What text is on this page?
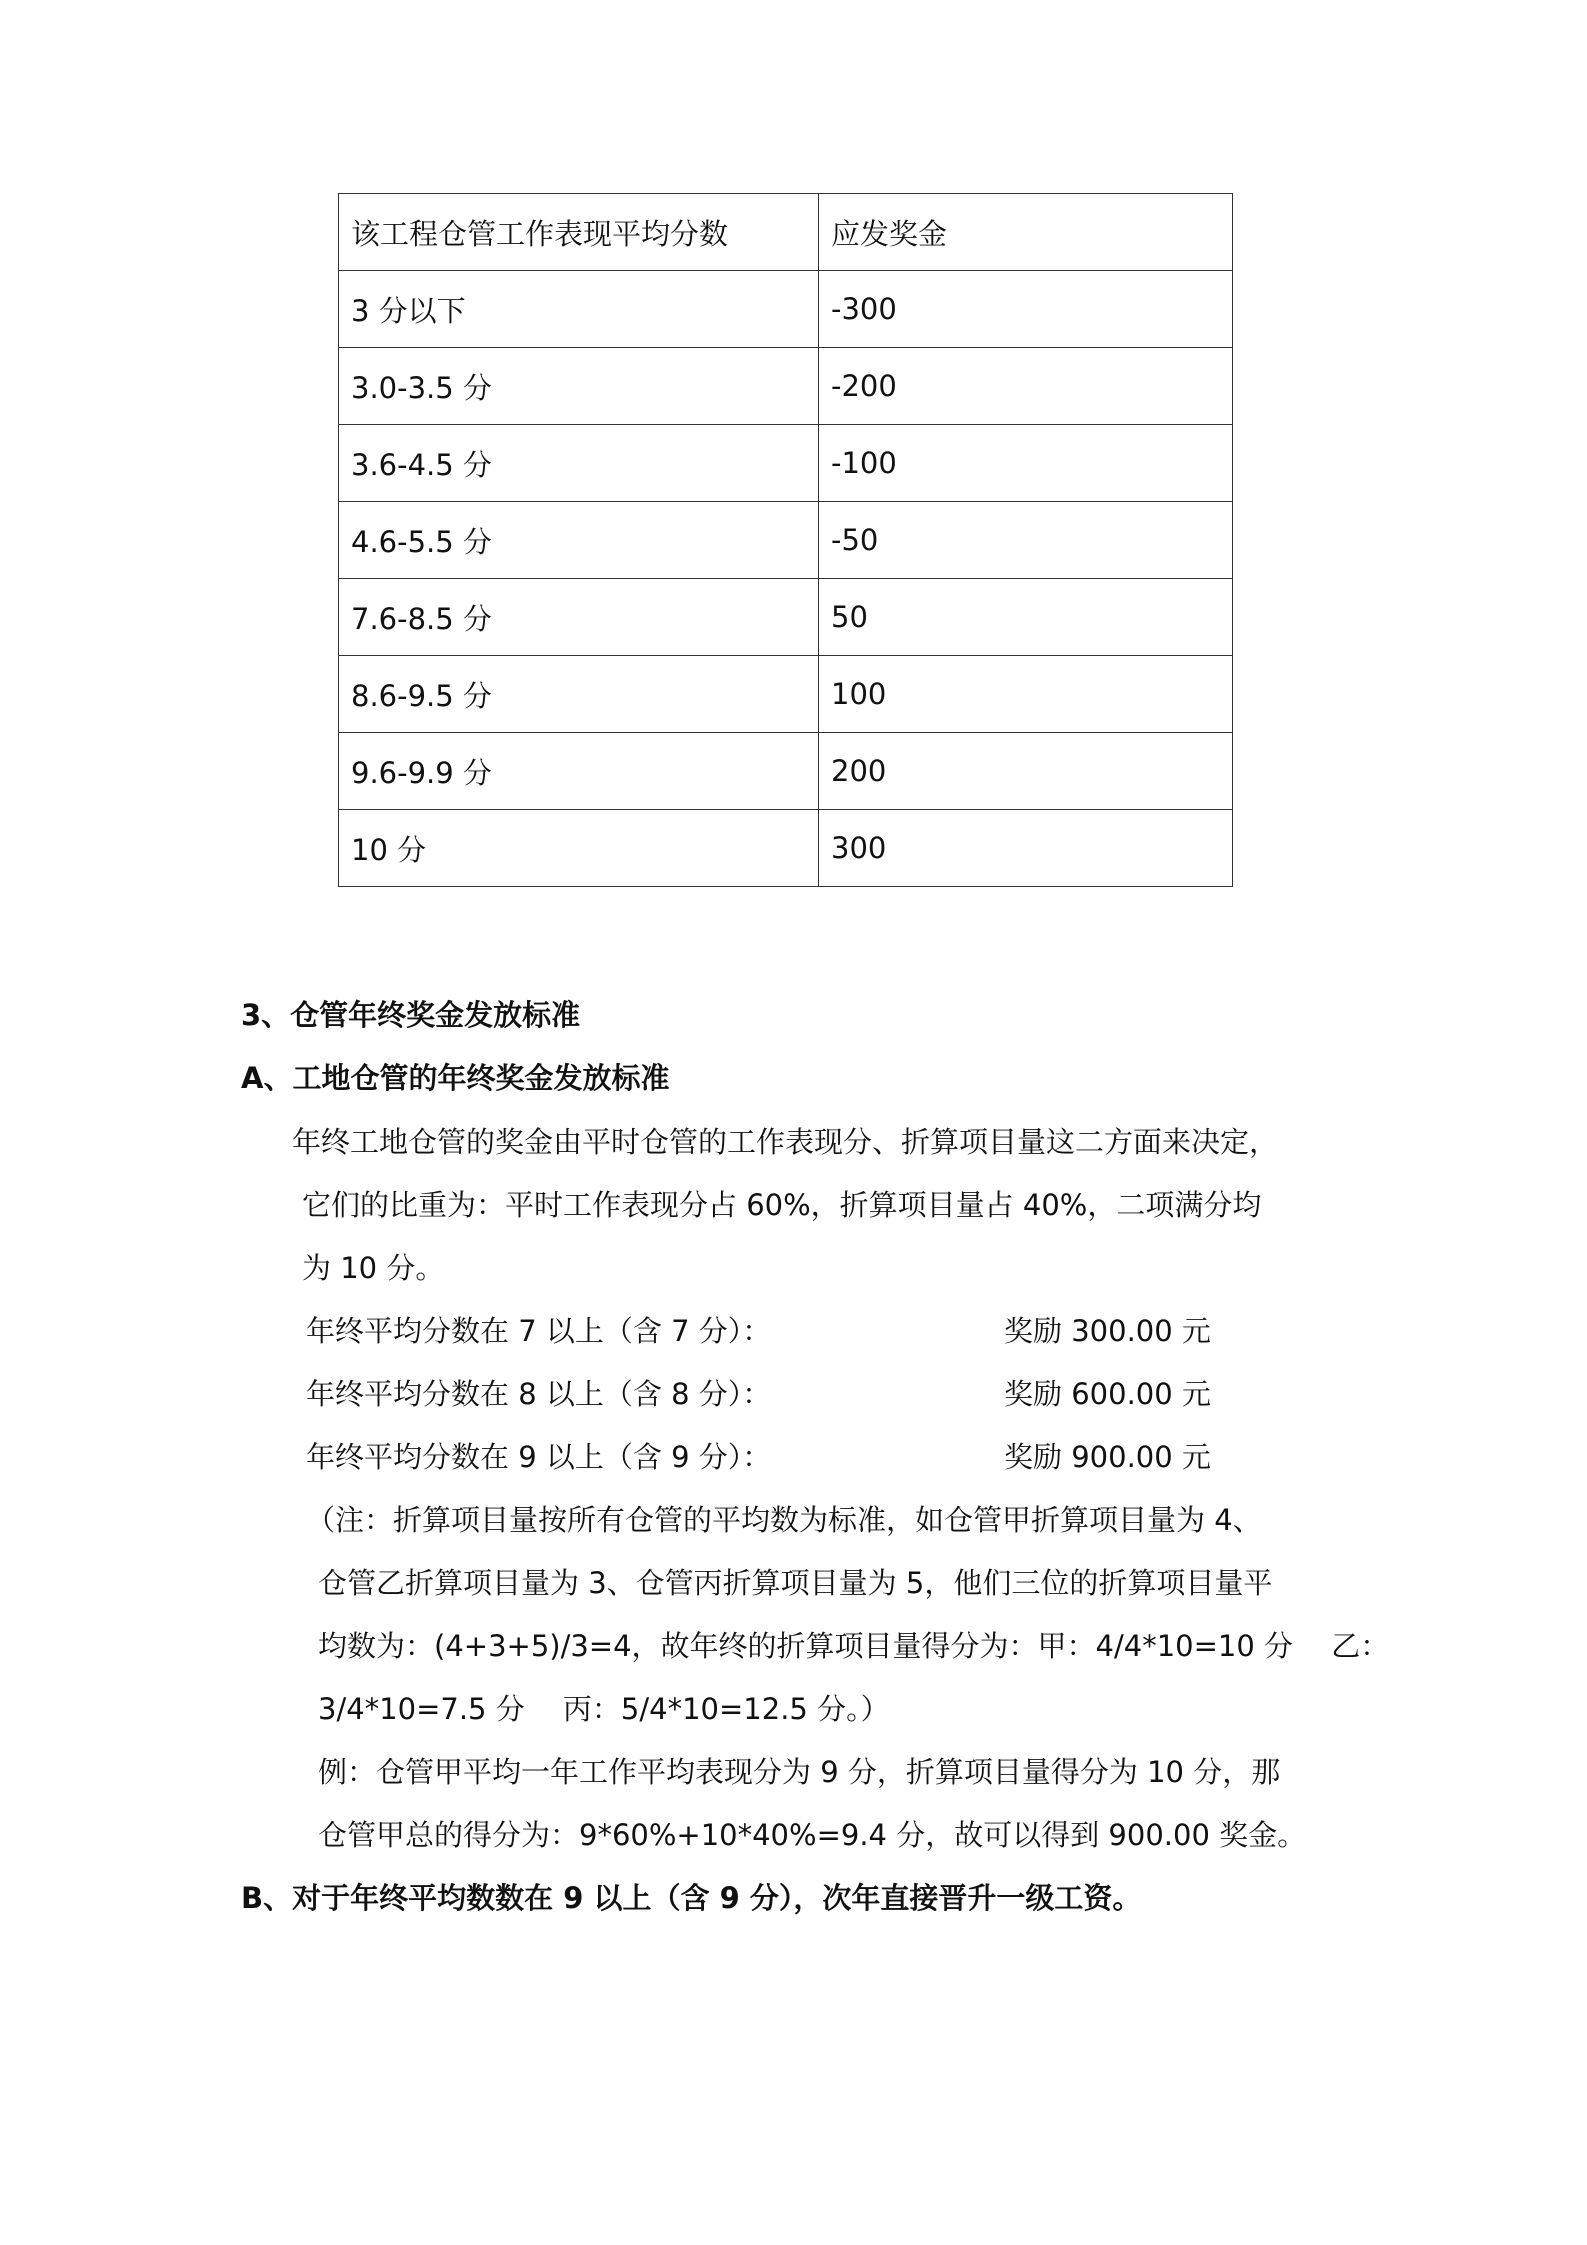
该工程仓管工作表现平均分数	应发奖金
3 分以下	-300
3.0-3.5 分	-200
3.6-4.5 分	-100
4.6-5.5 分	-50
7.6-8.5 分	50
8.6-9.5 分	100
9.6-9.9 分	200
10 分	300
3、仓管年终奖金发放标准
A、工地仓管的年终奖金发放标准
年终工地仓管的奖金由平时仓管的工作表现分、折算项目量这二方面来决定，
它们的比重为：平时工作表现分占 60%，折算项目量占 40%，二项满分均
为 10 分。
年终平均分数在 7 以上（含 7 分）：	奖励 300.00 元
年终平均分数在 8 以上（含 8 分）：	奖励 600.00 元
年终平均分数在 9 以上（含 9 分）：	奖励 900.00 元
（注：折算项目量按所有仓管的平均数为标准，如仓管甲折算项目量为 4、
仓管乙折算项目量为 3、仓管丙折算项目量为 5，他们三位的折算项目量平
均数为：(4+3+5)/3=4，故年终的折算项目量得分为：甲：4/4*10=10 分　 乙：
3/4*10=7.5 分　 丙：5/4*10=12.5 分。）
例：仓管甲平均一年工作平均表现分为 9 分，折算项目量得分为 10 分，那
仓管甲总的得分为：9*60%+10*40%=9.4 分，故可以得到 900.00 奖金。
B、对于年终平均数数在 9 以上（含 9 分），次年直接晋升一级工资。
